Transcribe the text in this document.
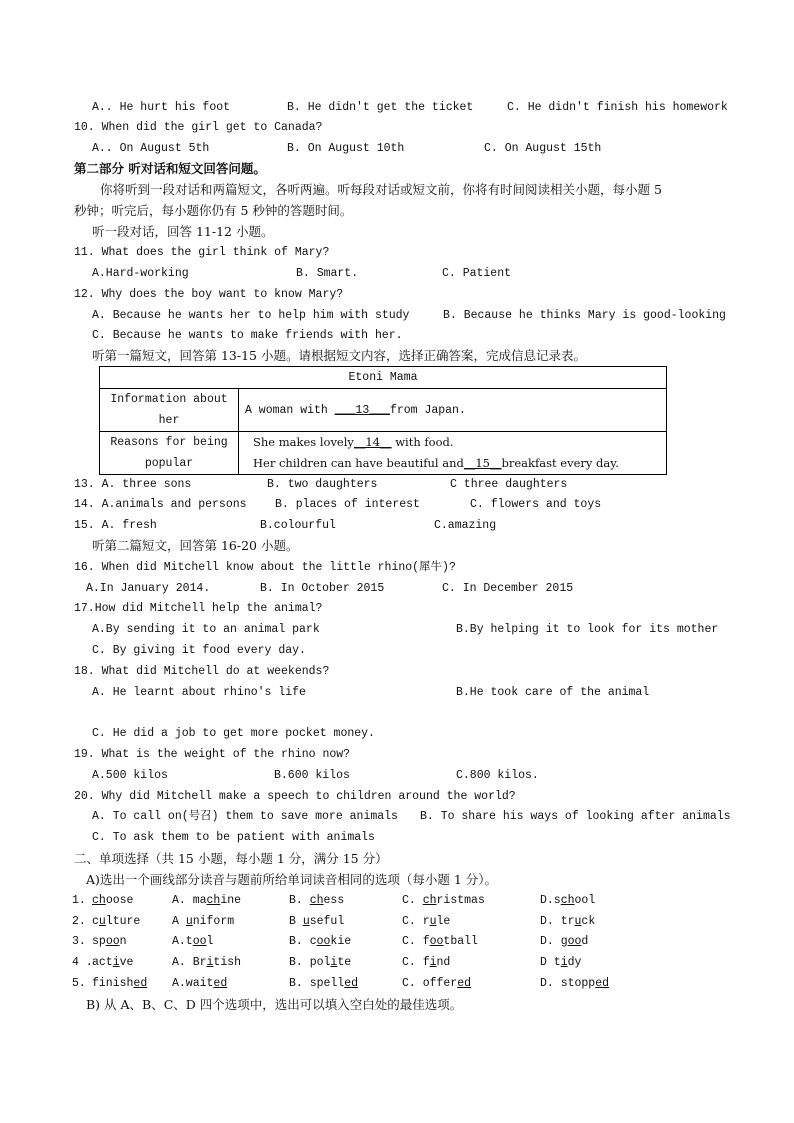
A.. He hurt his foot	B. He didn't get the ticket	C. He didn't finish his homework
10. When did the girl get to Canada?
A.. On August 5th	B. On August 10th	C. On August 15th
第二部分 听对话和短文回答问题。
你将听到一段对话和两篇短文，各听两遍。听每段对话或短文前，你将有时间阅读相关小题，每小题 5
秒钟；听完后，每小题你仍有 5 秒钟的答题时间。
听一段对话，回答 11-12 小题。
11. What does the girl think of Mary?
A.Hard-working	B. Smart.	C. Patient
12. Why does the boy want to know Mary?
A. Because he wants her to help him with study	B. Because he thinks Mary is good-looking
C. Because he wants to make friends with her.
听第一篇短文，回答第 13-15 小题。请根据短文内容，选择正确答案，完成信息记录表。
Etoni Mama	
Information about
her	A woman with ___13___from Japan.
Reasons for being
popular	She makes lovely__14__ with food.
Her children can have beautiful and__15__breakfast every day.
13. A. three sons	B. two daughters	C three daughters
14. A.animals and persons B. places of interest	C. flowers and toys
15. A. fresh	B.colourful	C.amazing
听第二篇短文，回答第 16-20 小题。
16. When did Mitchell know about the little rhino(犀牛)?
A.In January 2014.	B. In October 2015	C. In December 2015
17.How did Mitchell help the animal?
A.By sending it to an animal park	B.By helping it to look for its mother
C. By giving it food every day.
18. What did Mitchell do at weekends?
A. He learnt about rhino's life	B.He took care of the animal
C. He did a job to get more pocket money.
19. What is the weight of the rhino now?
A.500 kilos	B.600 kilos	C.800 kilos.
20. Why did Mitchell make a speech to children around the world?
A. To call on(号召) them to save more animals B. To share his ways of looking after animals
C. To ask them to be patient with animals
二、单项选择（共 15 小题，每小题 1 分，满分 15 分）
A)选出一个画线部分读音与题前所给单词读音相同的选项（每小题 1 分）。
1. choose	A. machine	B. chess	C. christmas	D.school
2. culture	A uniform	B useful	C. rule	D. truck
3. spoon	A.tool	B. cookie	C. football	D. good
4 . active	A. British	B. polite	C. find	D tidy
5. finished A.waited	B. spelled	C. offered	D. stopped
B) 从 A、B、C、D 四个选项中，选出可以填入空白处的最佳选项。
